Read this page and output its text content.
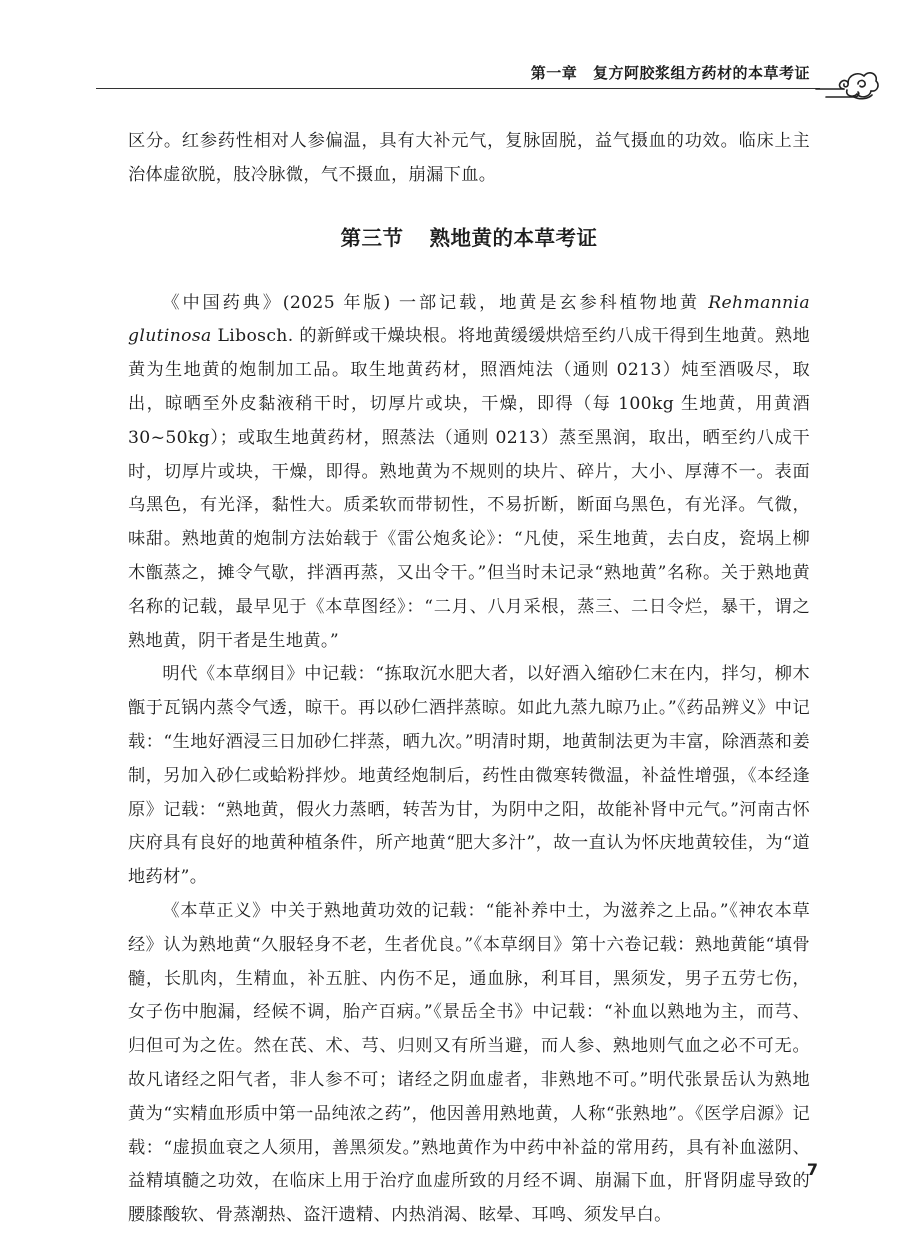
第一章 复方阿胶浆组方药材的本草考证

区分。红参药性相对人参偏温，具有大补元气，复脉固脱，益气摄血的功效。临床上主治体虚欲脱，肢冷脉微，气不摄血，崩漏下血。

第三节 熟地黄的本草考证

《中国药典》(2025 年版) 一部记载，地黄是玄参科植物地黄 Rehmannia glutinosa Libosch. 的新鲜或干燥块根。将地黄缓缓烘焙至约八成干得到生地黄。熟地黄为生地黄的炮制加工品。取生地黄药材，照酒炖法（通则 0213）炖至酒吸尽，取出，晾晒至外皮黏液稍干时，切厚片或块，干燥，即得（每 100kg 生地黄，用黄酒 30~50kg）；或取生地黄药材，照蒸法（通则 0213）蒸至黑润，取出，晒至约八成干时，切厚片或块，干燥，即得。熟地黄为不规则的块片、碎片，大小、厚薄不一。表面乌黑色，有光泽，黏性大。质柔软而带韧性，不易折断，断面乌黑色，有光泽。气微，味甜。熟地黄的炮制方法始载于《雷公炮炙论》：“凡使，采生地黄，去白皮，瓷埚上柳木甑蒸之，摊令气歇，拌酒再蒸，又出令干。”但当时未记录“熟地黄”名称。关于熟地黄名称的记载，最早见于《本草图经》：“二月、八月采根，蒸三、二日令烂，暴干，谓之熟地黄，阴干者是生地黄。”

明代《本草纲目》中记载：“拣取沉水肥大者，以好酒入缩砂仁末在内，拌匀，柳木甑于瓦锅内蒸令气透，晾干。再以砂仁酒拌蒸晾。如此九蒸九晾乃止。”《药品辨义》中记载：“生地好酒浸三日加砂仁拌蒸，晒九次。”明清时期，地黄制法更为丰富，除酒蒸和姜制，另加入砂仁或蛤粉拌炒。地黄经炮制后，药性由微寒转微温，补益性增强，《本经逢原》记载：“熟地黄，假火力蒸晒，转苦为甘，为阴中之阳，故能补肾中元气。”河南古怀庆府具有良好的地黄种植条件，所产地黄“肥大多汁”，故一直认为怀庆地黄较佳，为“道地药材”。

《本草正义》中关于熟地黄功效的记载：“能补养中土，为滋养之上品。”《神农本草经》认为熟地黄“久服轻身不老，生者优良。”《本草纲目》第十六卷记载：熟地黄能“填骨髓，长肌肉，生精血，补五脏、内伤不足，通血脉，利耳目，黑须发，男子五劳七伤，女子伤中胞漏，经候不调，胎产百病。”《景岳全书》中记载：“补血以熟地为主，而芎、归但可为之佐。然在芪、术、芎、归则又有所当避，而人参、熟地则气血之必不可无。故凡诸经之阳气者，非人参不可；诸经之阴血虚者，非熟地不可。”明代张景岳认为熟地黄为“实精血形质中第一品纯浓之药”，他因善用熟地黄，人称“张熟地”。《医学启源》记载：“虚损血衰之人须用，善黑须发。”熟地黄作为中药中补益的常用药，具有补血滋阴、益精填髓之功效，在临床上用于治疗血虚所致的月经不调、崩漏下血，肝肾阴虚导致的腰膝酸软、骨蒸潮热、盗汗遗精、内热消渴、眩晕、耳鸣、须发早白。

7
